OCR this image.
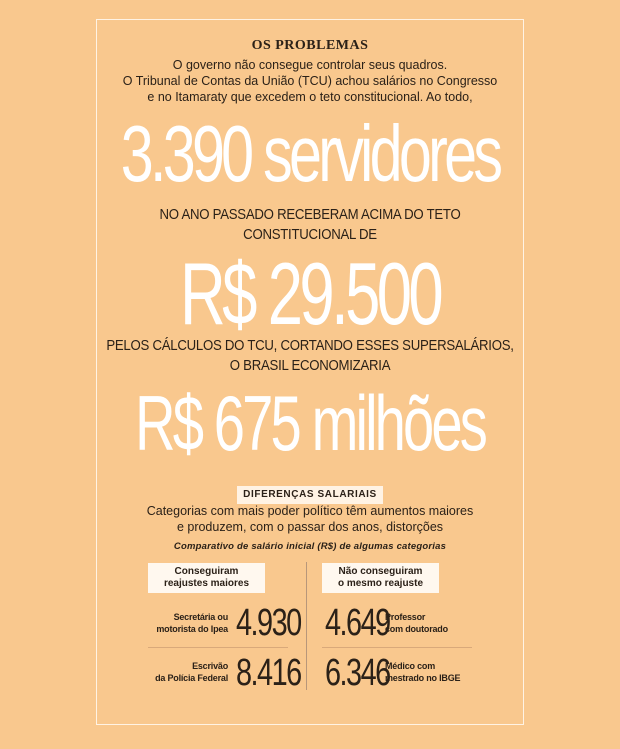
OS PROBLEMAS
O governo não consegue controlar seus quadros.
O Tribunal de Contas da União (TCU) achou salários no Congresso
e no Itamaraty que excedem o teto constitucional. Ao todo,
3.390 servidores
NO ANO PASSADO RECEBERAM ACIMA DO TETO
CONSTITUCIONAL DE
R$ 29.500
PELOS CÁLCULOS DO TCU, CORTANDO ESSES SUPERSALÁRIOS,
O BRASIL ECONOMIZARIA
R$ 675 milhões
DIFERENÇAS SALARIAIS
Categorias com mais poder político têm aumentos maiores
e produzem, com o passar dos anos, distorções
Comparativo de salário inicial (R$) de algumas categorias
Conseguiram
reajustes maiores
Não conseguiram
o mesmo reajuste
Secretária ou
motorista do Ipea 4.930 4.649
Professor
com doutorado
Escrivão
da Polícia Federal 8.416 6.346
Médico com
mestrado no IBGE
